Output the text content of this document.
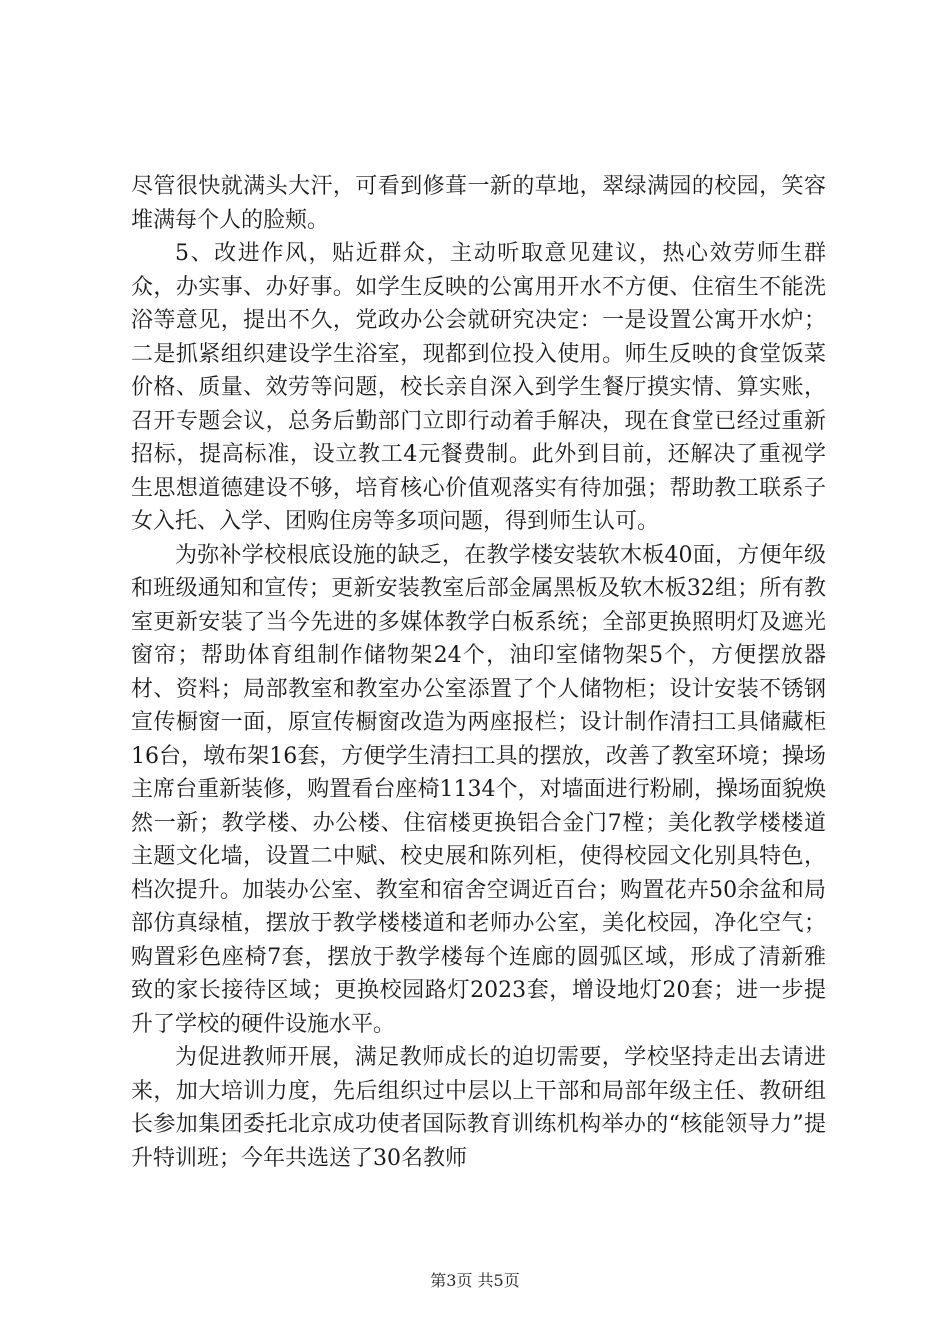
尽管很快就满头大汗，可看到修葺一新的草地，翠绿满园的校园，笑容堆满每个人的脸颊。

5、改进作风，贴近群众，主动听取意见建议，热心效劳师生群众，办实事、办好事。如学生反映的公寓用开水不方便、住宿生不能洗浴等意见，提出不久，党政办公会就研究决定：一是设置公寓开水炉；二是抓紧组织建设学生浴室，现都到位投入使用。师生反映的食堂饭菜价格、质量、效劳等问题，校长亲自深入到学生餐厅摸实情、算实账，召开专题会议，总务后勤部门立即行动着手解决，现在食堂已经过重新招标，提高标准，设立教工4元餐费制。此外到目前，还解决了重视学生思想道德建设不够，培育核心价值观落实有待加强；帮助教工联系子女入托、入学、团购住房等多项问题，得到师生认可。

为弥补学校根底设施的缺乏，在教学楼安装软木板40面，方便年级和班级通知和宣传；更新安装教室后部金属黑板及软木板32组；所有教室更新安装了当今先进的多媒体教学白板系统；全部更换照明灯及遮光窗帘；帮助体育组制作储物架24个，油印室储物架5个，方便摆放器材、资料；局部教室和教室办公室添置了个人储物柜；设计安装不锈钢宣传橱窗一面，原宣传橱窗改造为两座报栏；设计制作清扫工具储藏柜16台，墩布架16套，方便学生清扫工具的摆放，改善了教室环境；操场主席台重新装修，购置看台座椅1134个，对墙面进行粉刷，操场面貌焕然一新；教学楼、办公楼、住宿楼更换铝合金门7樘；美化教学楼楼道主题文化墙，设置二中赋、校史展和陈列柜，使得校园文化别具特色，档次提升。加装办公室、教室和宿舍空调近百台；购置花卉50余盆和局部仿真绿植，摆放于教学楼楼道和老师办公室，美化校园，净化空气；购置彩色座椅7套，摆放于教学楼每个连廊的圆弧区域，形成了清新雅致的家长接待区域；更换校园路灯2023套，增设地灯20套；进一步提升了学校的硬件设施水平。

为促进教师开展，满足教师成长的迫切需要，学校坚持走出去请进来，加大培训力度，先后组织过中层以上干部和局部年级主任、教研组长参加集团委托北京成功使者国际教育训练机构举办的“核能领导力”提升特训班；今年共选送了30名教师

第3页 共5页
